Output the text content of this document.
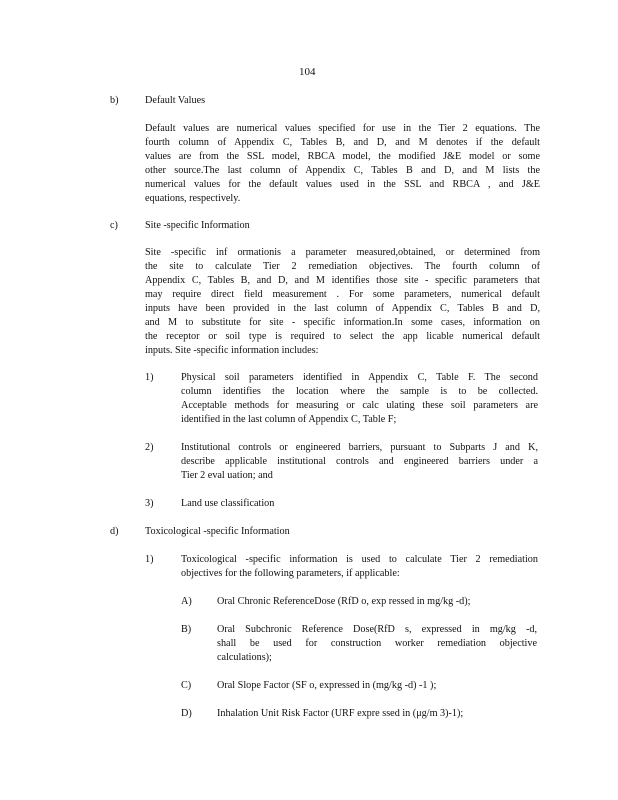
104
b)	Default Values
Default values are numerical values specified for use in the Tier 2 equations. The
fourth column of Appendix C, Tables B, and D, and M denotes if the default
values are from the SSL model, RBCA model, the modified J&E model or some
other source.The last column of Appendix C, Tables B and D, and M lists the
numerical values for the default values used in the SSL and RBCA , and J&E
equations, respectively.
c)	Site -specific Information
Site -specific inf ormationis a parameter measured,obtained, or determined from
the site to calculate Tier 2 remediation objectives. The fourth column of
Appendix C, Tables B, and D, and M identifies those site - specific parameters that
may require direct field measurement . For some parameters, numerical default
inputs have been provided in the last column of Appendix C, Tables B and D,
and M to substitute for site - specific information.In some cases, information on
the receptor or soil type is required to select the app licable numerical default
inputs. Site -specific information includes:
1)	Physical soil parameters identified in Appendix C, Table F. The second
column identifies the location where the sample is to be collected.
Acceptable methods for measuring or calc ulating these soil parameters are
identified in the last column of Appendix C, Table F;
2)	Institutional controls or engineered barriers, pursuant to Subparts J and K,
describe applicable institutional controls and engineered barriers under a
Tier 2 eval uation; and
3)	Land use classification
d)	Toxicological -specific Information
1)	Toxicological -specific information is used to calculate Tier 2 remediation
objectives for the following parameters, if applicable:
A) Oral Chronic ReferenceDose (RfD o, exp ressed in mg/kg -d);
B)	Oral Subchronic Reference Dose(RfD s, expressed in mg/kg -d,
shall be used for construction worker remediation objective
calculations);
C)	Oral Slope Factor (SF o, expressed in (mg/kg -d) -1 );
D) Inhalation Unit Risk Factor (URF expre ssed in (μg/m 3)-1);
